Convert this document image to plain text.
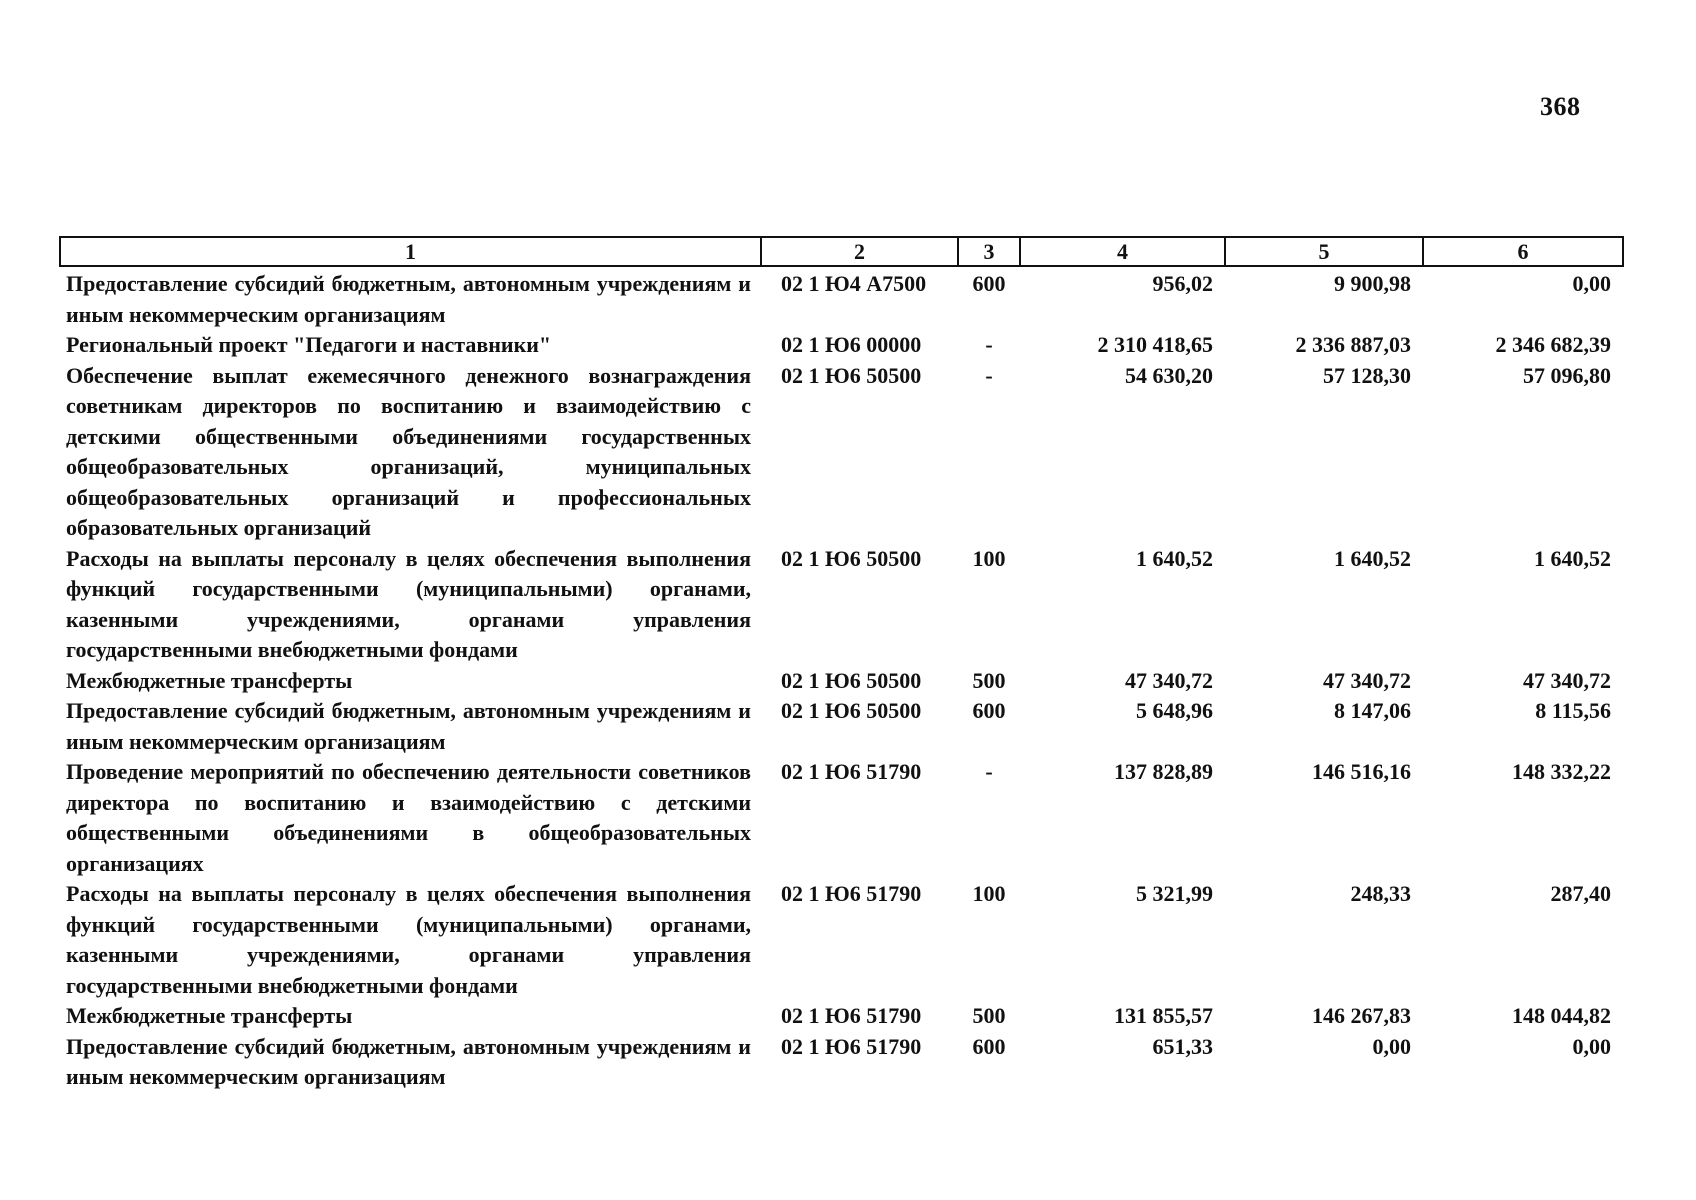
368
1	2	3	4	5	6
Предоставление субсидий бюджетным, автономным учреждениям и иным некоммерческим организациям	02 1 Ю4 A7500	600	956,02	9 900,98	0,00
Региональный проект "Педагоги и наставники"	02 1 Ю6 00000	-	2 310 418,65	2 336 887,03	2 346 682,39
Обеспечение выплат ежемесячного денежного вознаграждения советникам директоров по воспитанию и взаимодействию с детскими общественными объединениями государственных общеобразовательных организаций, муниципальных общеобразовательных организаций и профессиональных образовательных организаций	02 1 Ю6 50500	-	54 630,20	57 128,30	57 096,80
Расходы на выплаты персоналу в целях обеспечения выполнения функций государственными (муниципальными) органами, казенными учреждениями, органами управления государственными внебюджетными фондами	02 1 Ю6 50500	100	1 640,52	1 640,52	1 640,52
Межбюджетные трансферты	02 1 Ю6 50500	500	47 340,72	47 340,72	47 340,72
Предоставление субсидий бюджетным, автономным учреждениям и иным некоммерческим организациям	02 1 Ю6 50500	600	5 648,96	8 147,06	8 115,56
Проведение мероприятий по обеспечению деятельности советников директора по воспитанию и взаимодействию с детскими общественными объединениями в общеобразовательных организациях	02 1 Ю6 51790	-	137 828,89	146 516,16	148 332,22
Расходы на выплаты персоналу в целях обеспечения выполнения функций государственными (муниципальными) органами, казенными учреждениями, органами управления государственными внебюджетными фондами	02 1 Ю6 51790	100	5 321,99	248,33	287,40
Межбюджетные трансферты	02 1 Ю6 51790	500	131 855,57	146 267,83	148 044,82
Предоставление субсидий бюджетным, автономным учреждениям и иным некоммерческим организациям	02 1 Ю6 51790	600	651,33	0,00	0,00
